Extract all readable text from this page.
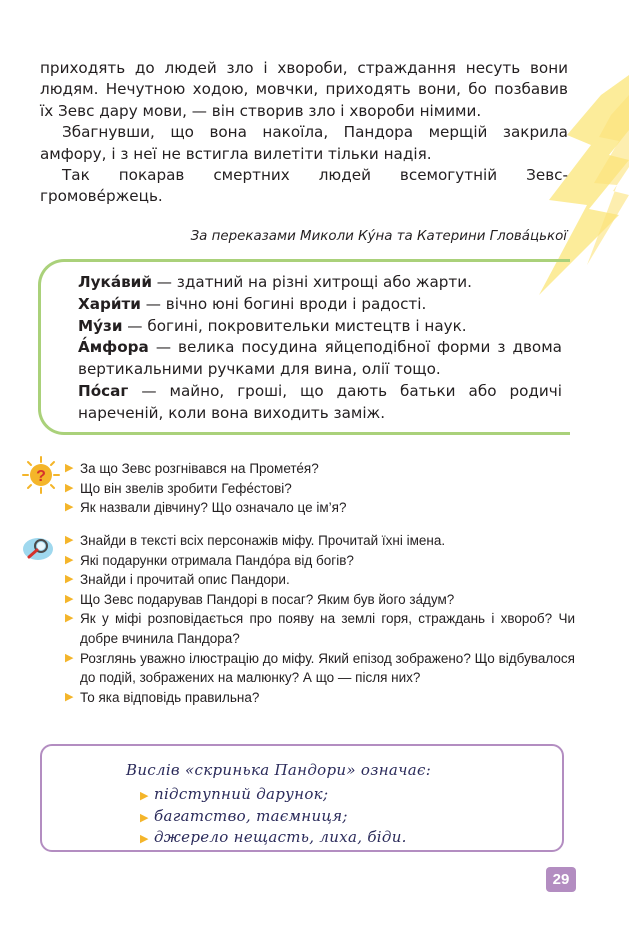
приходять до людей зло і хвороби, страждання несуть вони людям. Нечутною ходою, мовчки, приходять вони, бо позбавив їх Зевс дару мови, — він створив зло і хвороби німими.

Збагнувши, що вона накоїла, Пандора мерщій закрила амфору, і з неї не встигла вилетіти тільки надія.

Так покарав смертних людей всемогутній Зевс-

громове́ржець.

За переказами Миколи Ку́на та Катерини Глова́цької

Лука́вий — здатний на різні хитрощі або жарти.

Хари́ти — вічно юні богині вроди і радості.

Му́зи — богині, покровительки мистецтв і наук.

А́мфора — велика посудина яйцеподібної форми з двома вертикальними ручками для вина, олії тощо.

По́саг — майно, гроші, що дають батьки або родичі нареченій, коли вона виходить заміж.

? ▶ За що Зевс розгнівався на Промете́я?
▶ Що він звелів зробити Гефе́стові?
▶ Як назвали дівчину? Що означало це ім’я?
▶ Знайди в тексті всіх персонажів міфу. Прочитай їхні імена.
▶ Які подарунки отримала Пандо́ра від богів?
▶ Знайди і прочитай опис Пандори.
▶ Що Зевс подарував Пандорі в посаг? Яким був його за́дум?
▶ Як у міфі розповідається про появу на землі горя, страждань і хвороб? Чи добре вчинила Пандора?
▶ Розглянь уважно ілюстрацію до міфу. Який епізод зображено? Що відбувалося до подій, зображених на малюнку? А що — після них?
▶ То яка відповідь правильна?
Вислів «скринька Пандори» означає:
▶ підступний дарунок;
▶ багатство, таємниця;
▶ джерело нещасть, лиха, біди.
29
